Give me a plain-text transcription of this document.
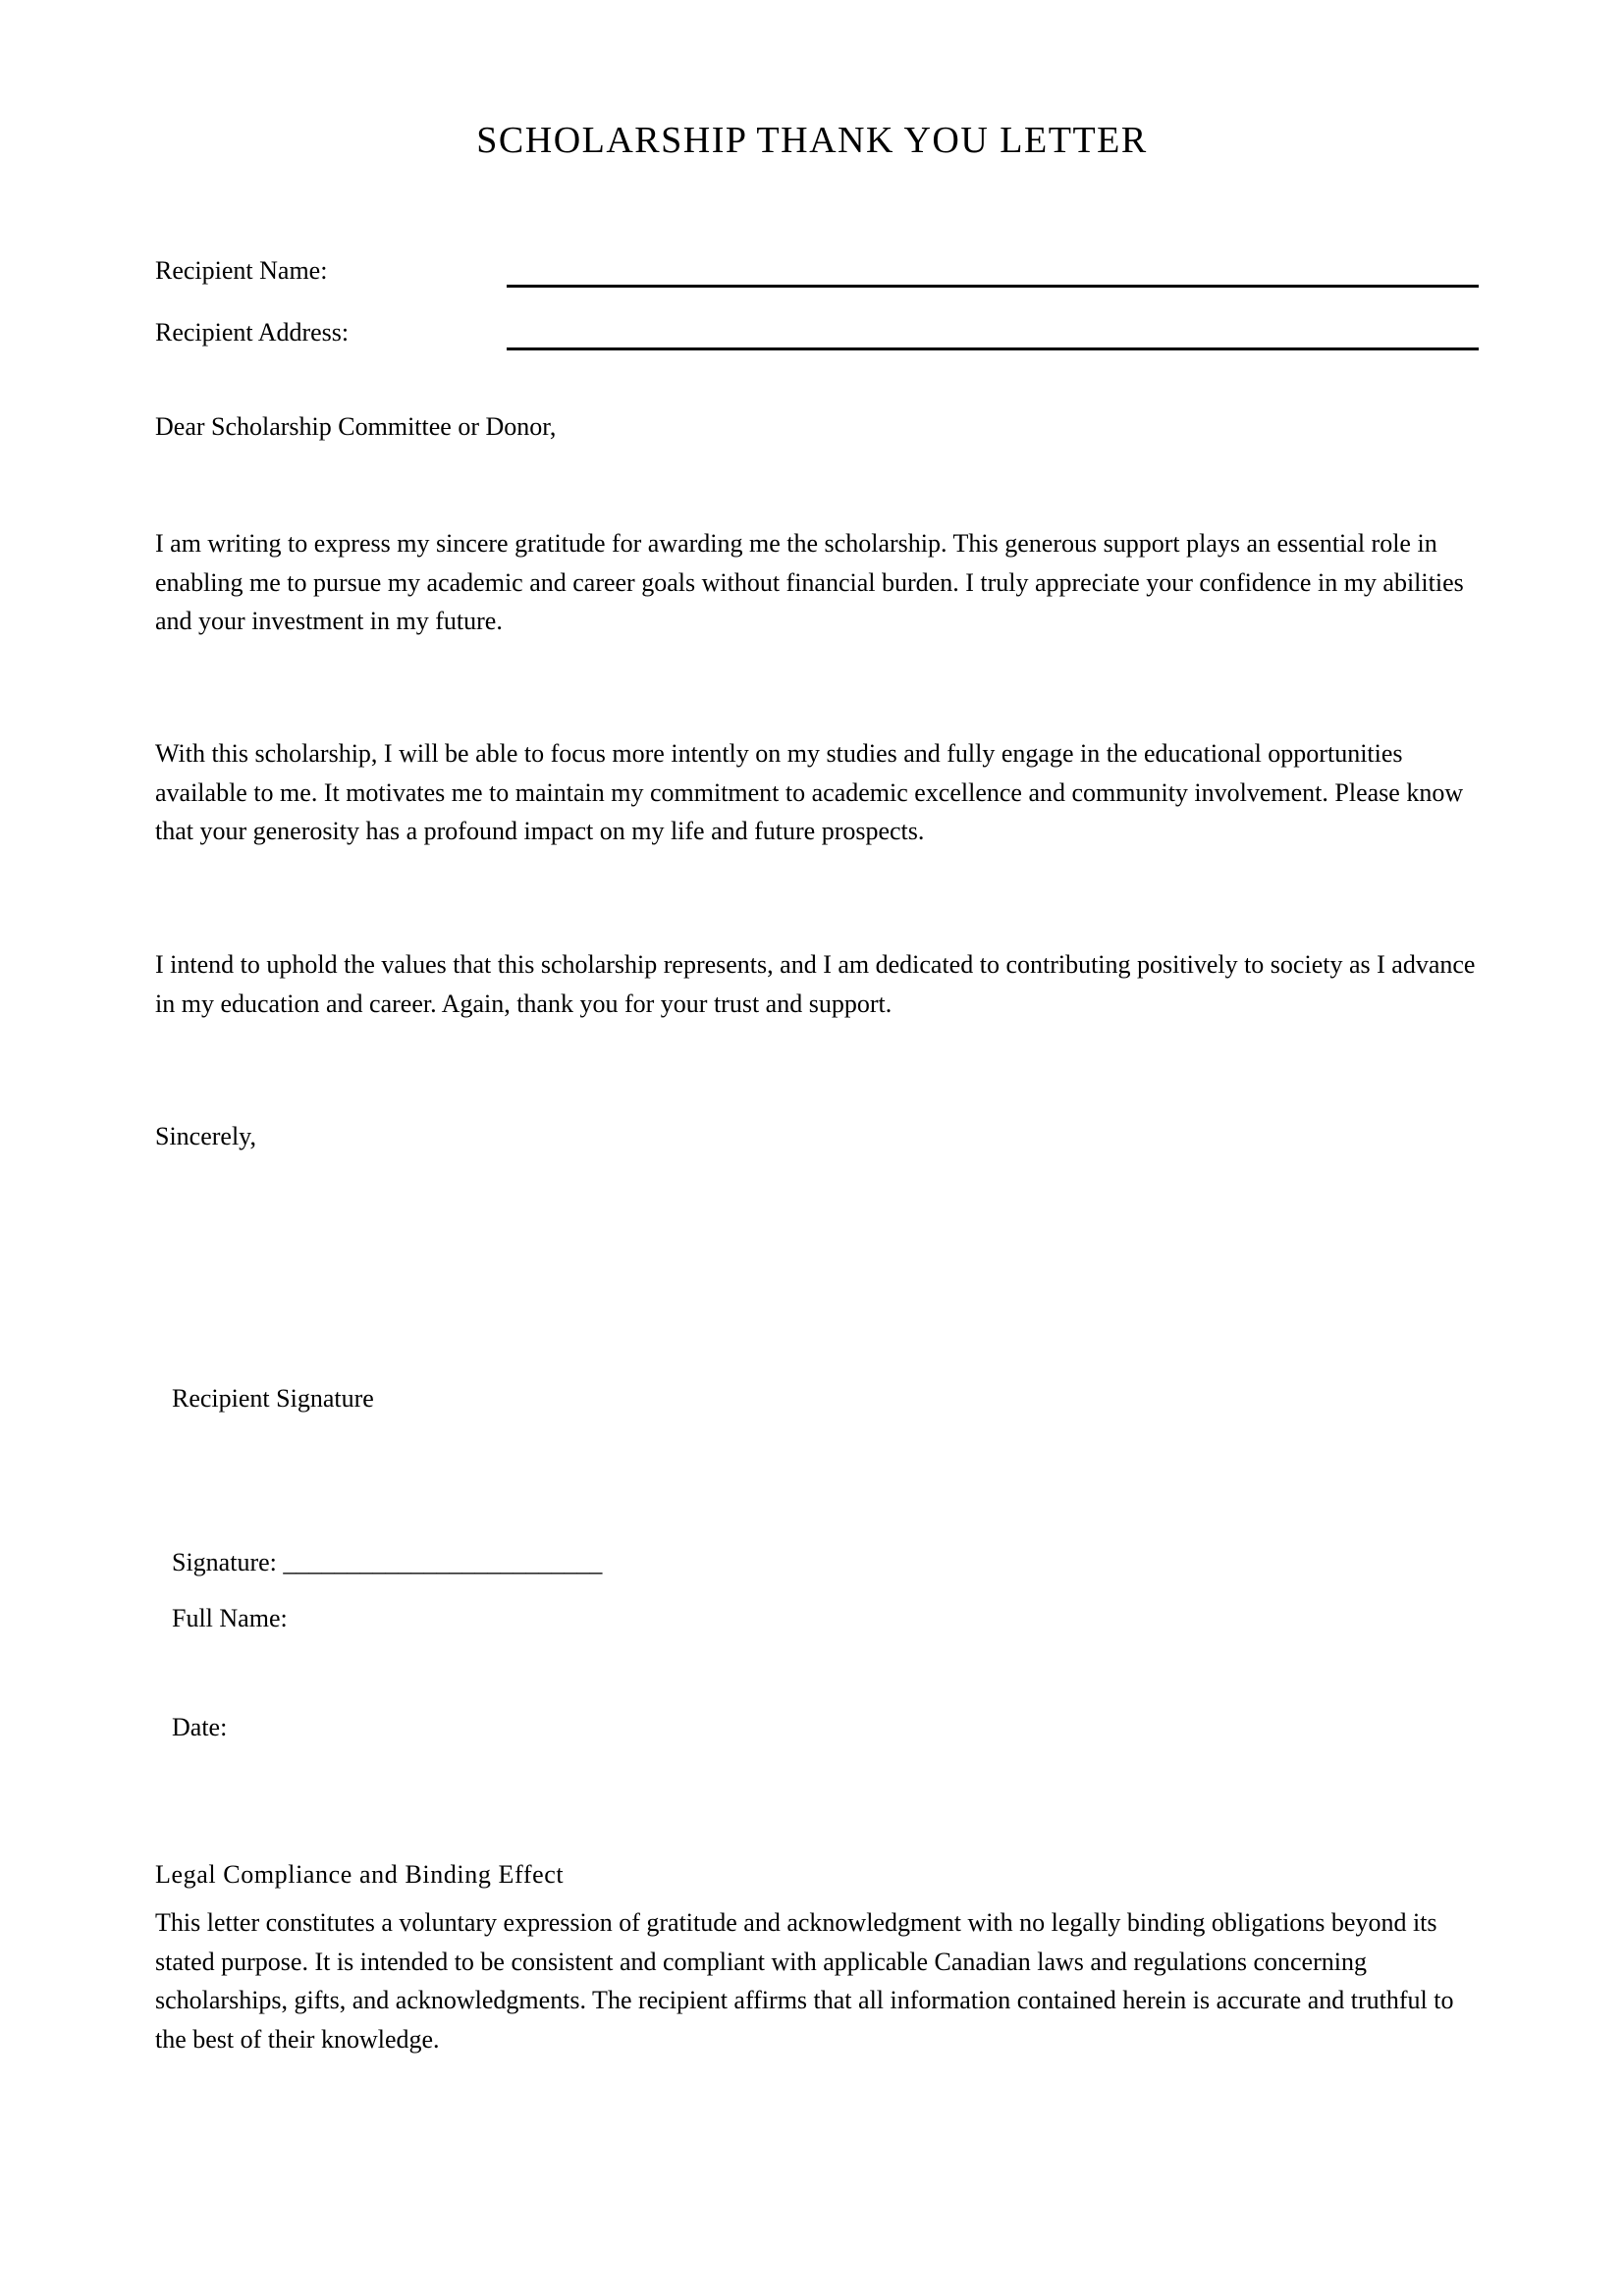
SCHOLARSHIP THANK YOU LETTER
Recipient Name:
Recipient Address:
Dear Scholarship Committee or Donor,
I am writing to express my sincere gratitude for awarding me the scholarship. This generous support plays an essential role in enabling me to pursue my academic and career goals without financial burden. I truly appreciate your confidence in my abilities and your investment in my future.
With this scholarship, I will be able to focus more intently on my studies and fully engage in the educational opportunities available to me. It motivates me to maintain my commitment to academic excellence and community involvement. Please know that your generosity has a profound impact on my life and future prospects.
I intend to uphold the values that this scholarship represents, and I am dedicated to contributing positively to society as I advance in my education and career. Again, thank you for your trust and support.
Sincerely,
Recipient Signature
Signature: _________________________
Full Name:
Date:
Legal Compliance and Binding Effect
This letter constitutes a voluntary expression of gratitude and acknowledgment with no legally binding obligations beyond its stated purpose. It is intended to be consistent and compliant with applicable Canadian laws and regulations concerning scholarships, gifts, and acknowledgments. The recipient affirms that all information contained herein is accurate and truthful to the best of their knowledge.
